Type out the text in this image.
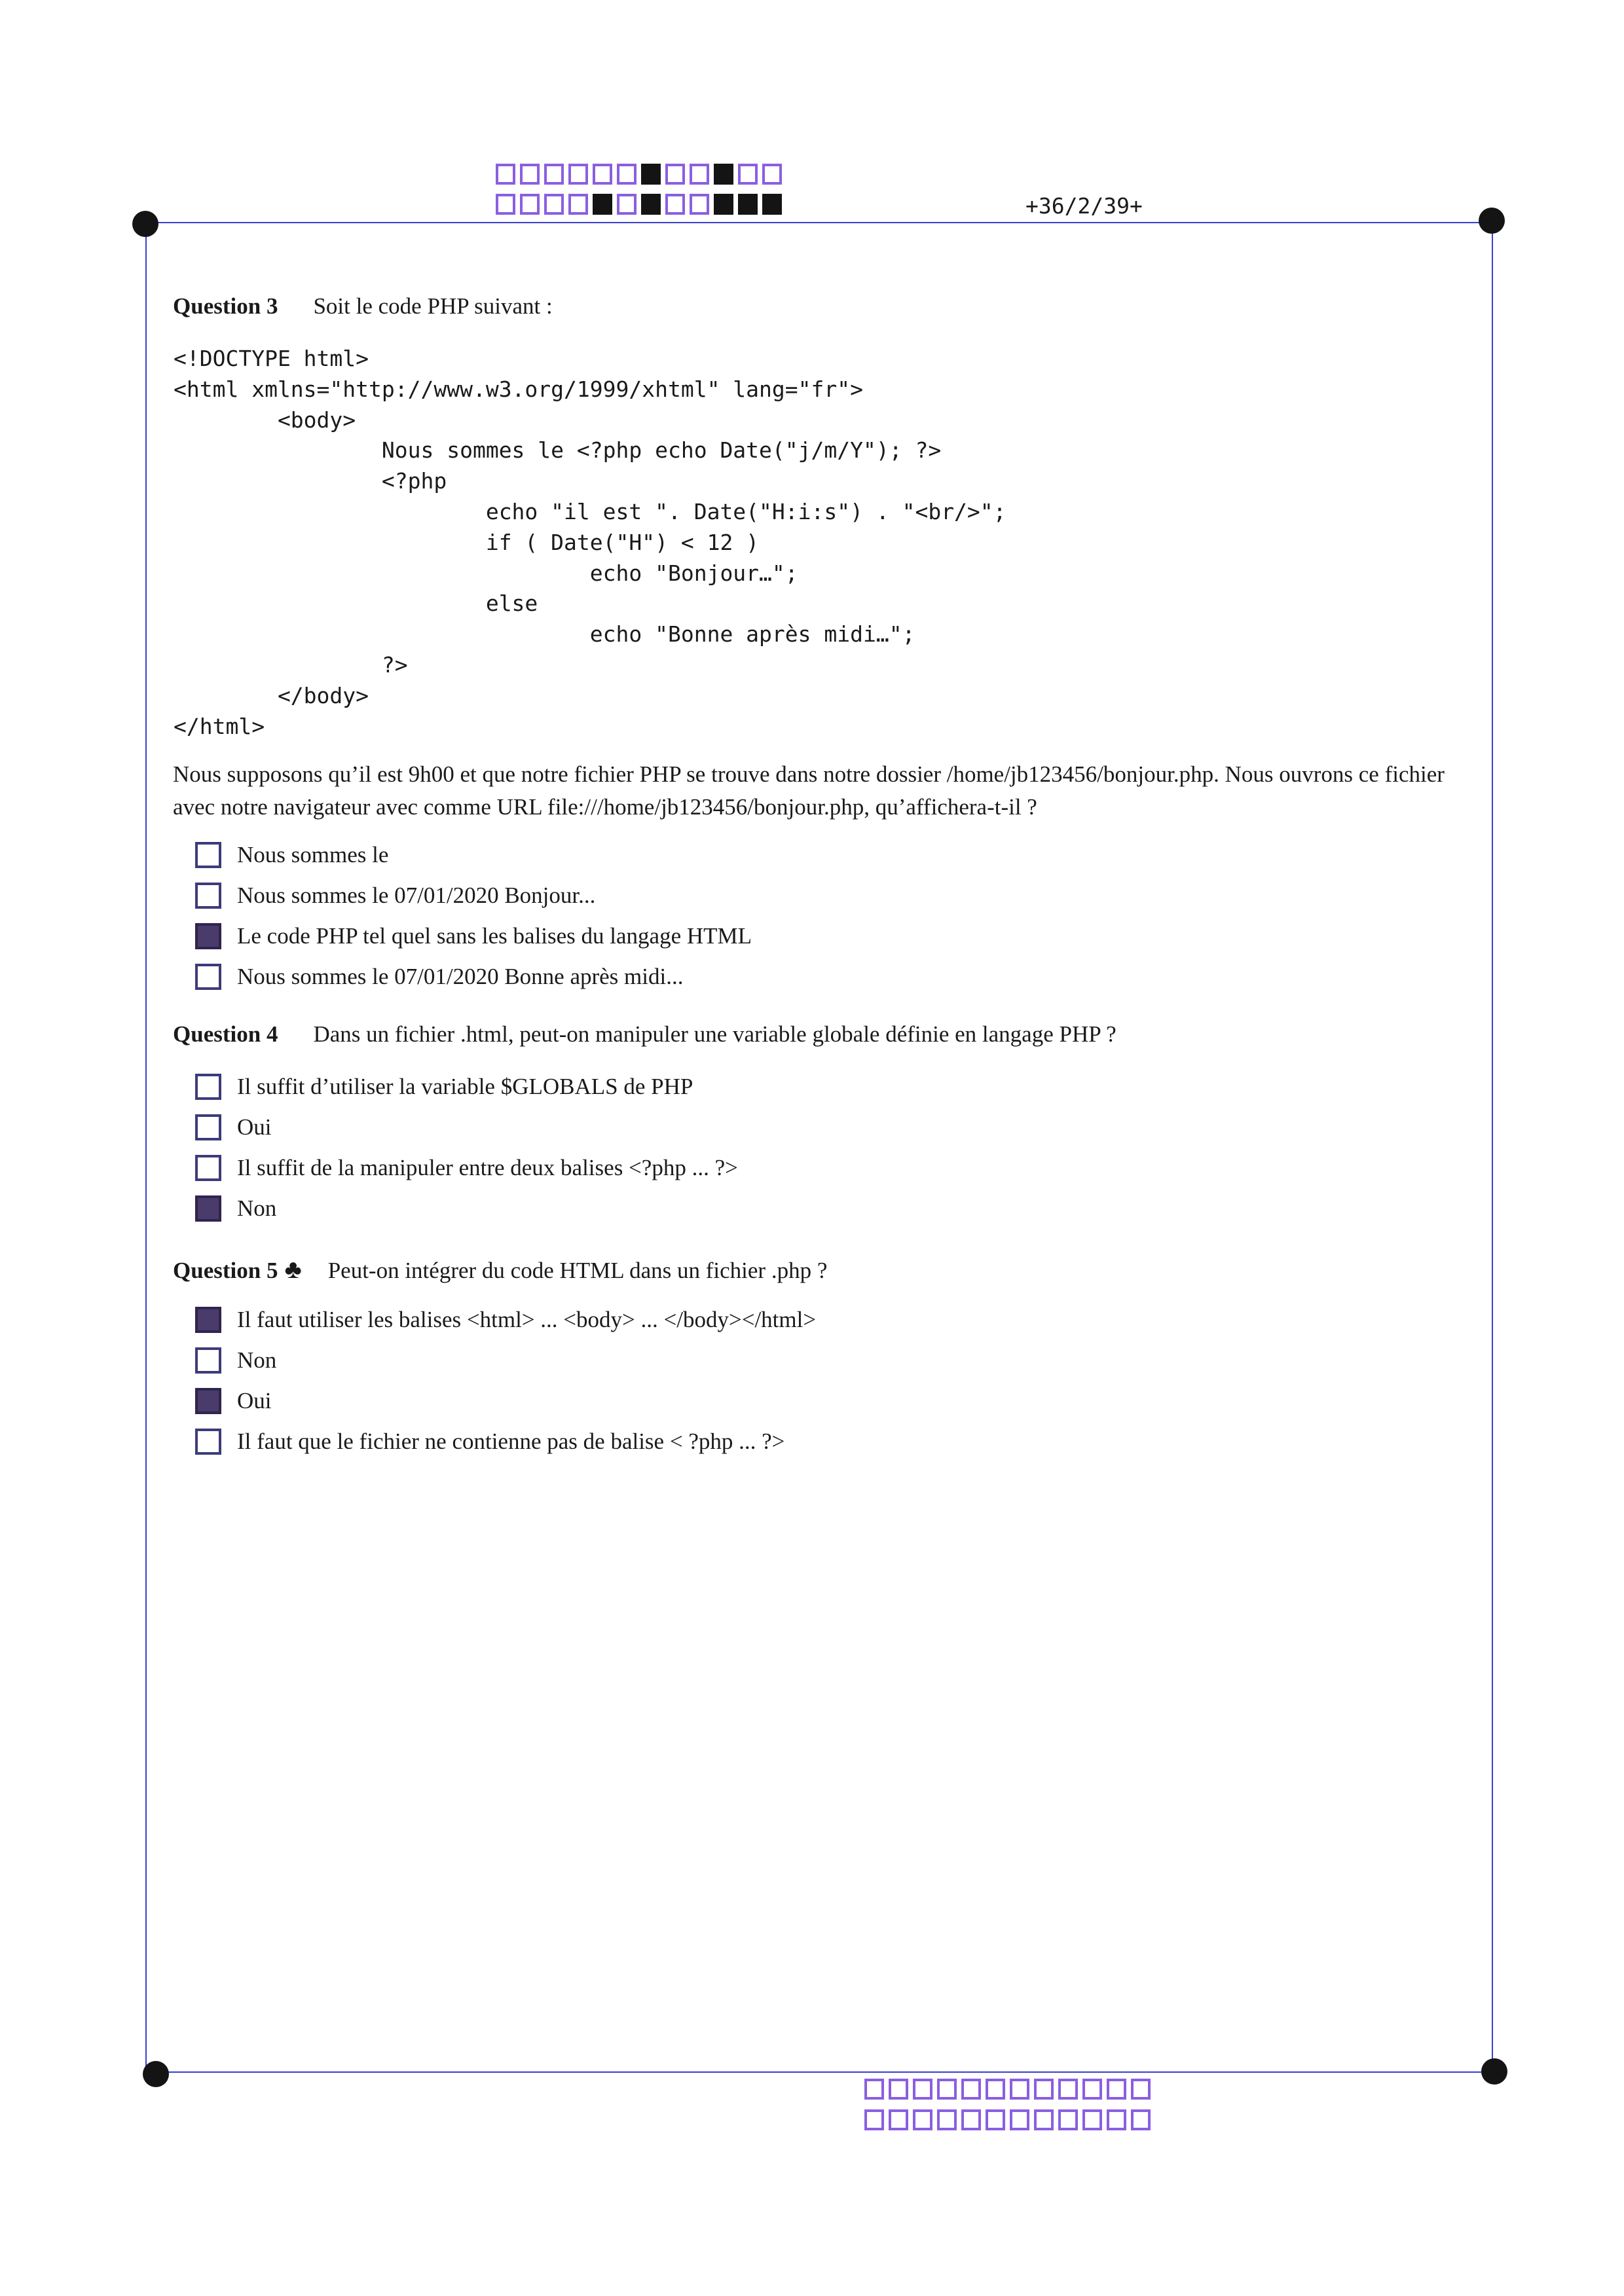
+36/2/39+
Question 3 Soit le code PHP suivant :
<!DOCTYPE html>
<html xmlns="http://www.w3.org/1999/xhtml" lang="fr">
<body>
Nous sommes le <?php echo Date("j/m/Y"); ?>
<?php
echo "il est ". Date("H:i:s") . "<br/>";
if ( Date("H") < 12 )
echo "Bonjour…";
else
echo "Bonne après midi…";
?>
</body>
</html>

Nous supposons qu’il est 9h00 et que notre fichier PHP se trouve dans notre dossier /home/jb123456/bonjour.php. Nous ouvrons ce fichier avec notre navigateur avec comme URL file:///home/jb123456/bonjour.php, qu’affichera-t-il ?

Nous sommes le
Nous sommes le 07/01/2020 Bonjour...
Le code PHP tel quel sans les balises du langage HTML
Nous sommes le 07/01/2020 Bonne après midi...
Question 4 Dans un fichier .html, peut-on manipuler une variable globale définie en langage PHP ?
Il suffit d’utiliser la variable $GLOBALS de PHP
Oui
Il suffit de la manipuler entre deux balises <?php ... ?>
Non
Question 5 ♣ Peut-on intégrer du code HTML dans un fichier .php ?
Il faut utiliser les balises <html> ... <body> ... </body></html>
Non
Oui
Il faut que le fichier ne contienne pas de balise < ?php ... ?>
